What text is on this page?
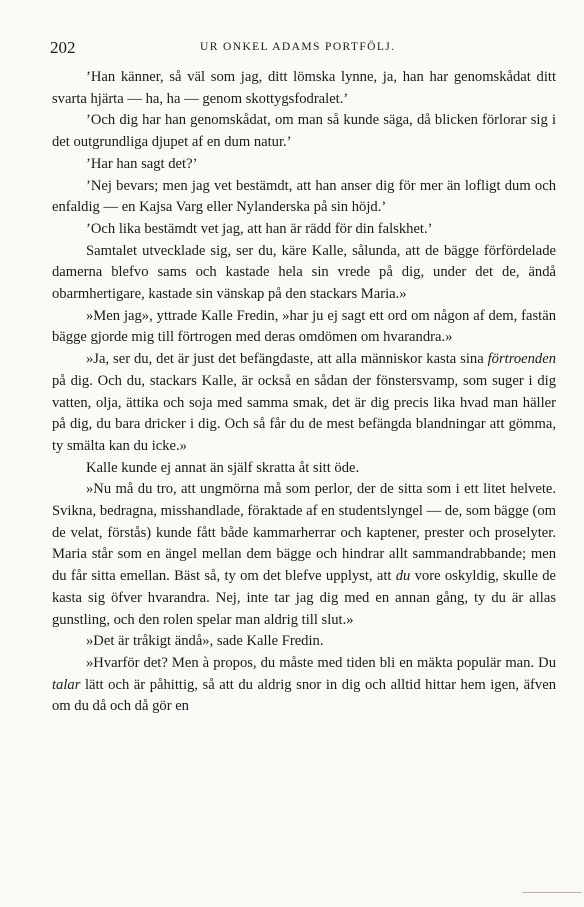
202	UR ONKEL ADAMS PORTFÖLJ.

’Han känner, så väl som jag, ditt lömska lynne, ja, han har genomskådat ditt svarta hjärta — ha, ha — genom skottygsfodralet.’

’Och dig har han genomskådat, om man så kunde säga, då blicken förlorar sig i det outgrundliga djupet af en dum natur.’

’Har han sagt det?’

’Nej bevars; men jag vet bestämdt, att han anser dig för mer än lofligt dum och enfaldig — en Kajsa Varg eller Nylanderska på sin höjd.’

’Och lika bestämdt vet jag, att han är rädd för din falskhet.’

Samtalet utvecklade sig, ser du, käre Kalle, sålunda, att de bägge förfördelade damerna blefvo sams och kastade hela sin vrede på dig, under det de, ändå obarmhertigare, kastade sin vänskap på den stackars Maria.»

»Men jag», yttrade Kalle Fredin, »har ju ej sagt ett ord om någon af dem, fastän bägge gjorde mig till förtrogen med deras omdömen om hvarandra.»

»Ja, ser du, det är just det befängdaste, att alla människor kasta sina förtroenden på dig. Och du, stackars Kalle, är också en sådan der fönstersvamp, som suger i dig vatten, olja, ättika och soja med samma smak, det är dig precis lika hvad man häller på dig, du bara dricker i dig. Och så får du de mest befängda blandningar att gömma, ty smälta kan du icke.»

Kalle kunde ej annat än själf skratta åt sitt öde.

»Nu må du tro, att ungmörna må som perlor, der de sitta som i ett litet helvete. Svikna, bedragna, misshandlade, föraktade af en studentslyngel — de, som bägge (om de velat, förstås) kunde fått både kammarherrar och kaptener, prester och proselyter. Maria står som en ängel mellan dem bägge och hindrar allt sammandrabbande; men du får sitta emellan. Bäst så, ty om det blefve upplyst, att du vore oskyldig, skulle de kasta sig öfver hvarandra. Nej, inte tar jag dig med en annan gång, ty du är allas gunstling, och den rolen spelar man aldrig till slut.»

»Det är tråkigt ändå», sade Kalle Fredin.

»Hvarför det? Men à propos, du måste med tiden bli en mäkta populär man. Du talar lätt och är påhittig, så att du aldrig snor in dig och alltid hittar hem igen, äfven om du då och då gör en
